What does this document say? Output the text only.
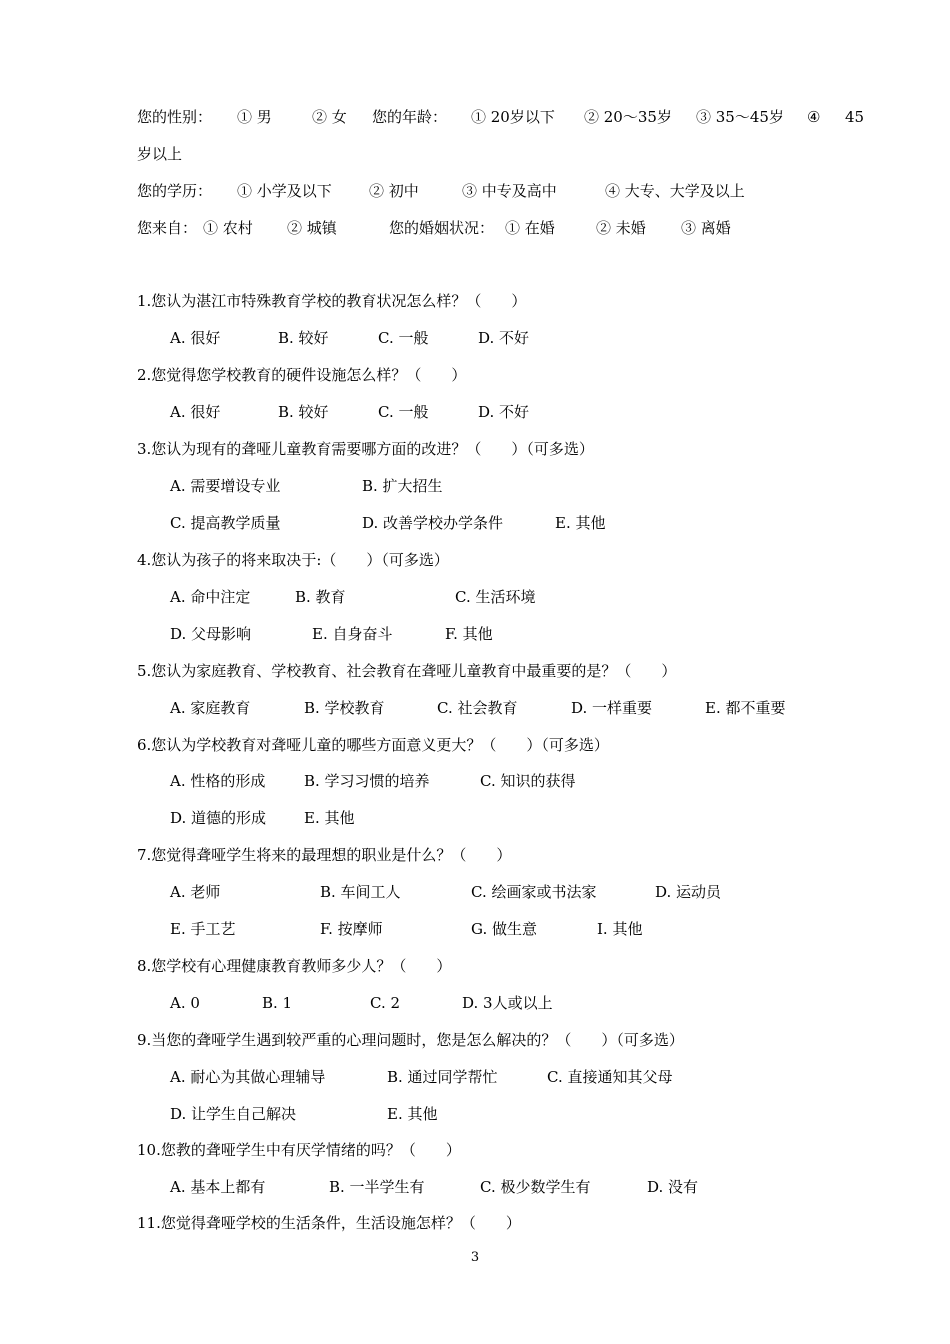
您的性别： ① 男	② 女 您的年龄： ① 20岁以下 ② 20～35岁 ③ 35～45岁 ④ 45
岁以上
您的学历： ① 小学及以下 ② 初中	③ 中专及高中	④ 大专、大学及以上
您来自： ① 农村 ② 城镇	您的婚姻状况： ① 在婚	② 未婚 ③ 离婚
1.您认为湛江市特殊教育学校的教育状况怎么样？（　　）
A. 很好	B. 较好	C. 一般	D. 不好
2.您觉得您学校教育的硬件设施怎么样？（　　）
A. 很好	B. 较好	C. 一般	D. 不好
3.您认为现有的聋哑儿童教育需要哪方面的改进？（　　）（可多选）
A. 需要增设专业	B. 扩大招生
C. 提高教学质量	D. 改善学校办学条件	E. 其他
4.您认为孩子的将来取决于:（　　）（可多选）
A. 命中注定	B. 教育	C. 生活环境
D. 父母影响	E. 自身奋斗	F. 其他
5.您认为家庭教育、学校教育、社会教育在聋哑儿童教育中最重要的是？（　　）
A. 家庭教育	B. 学校教育	C. 社会教育	D. 一样重要	E. 都不重要
6.您认为学校教育对聋哑儿童的哪些方面意义更大？（　　）（可多选）
A. 性格的形成	B. 学习习惯的培养	C. 知识的获得
D. 道德的形成	E. 其他
7.您觉得聋哑学生将来的最理想的职业是什么？（　　）
A. 老师	B. 车间工人	C. 绘画家或书法家	D. 运动员
E. 手工艺	F. 按摩师	G. 做生意	I. 其他
8.您学校有心理健康教育教师多少人？（　　）
A. 0	B. 1	C. 2	D. 3人或以上
9.当您的聋哑学生遇到较严重的心理问题时，您是怎么解决的？（　　）（可多选）
A. 耐心为其做心理辅导	B. 通过同学帮忙	C. 直接通知其父母
D. 让学生自己解决	E. 其他
10.您教的聋哑学生中有厌学情绪的吗？（　　）
A. 基本上都有	B. 一半学生有	C. 极少数学生有	D. 没有
11.您觉得聋哑学校的生活条件，生活设施怎样？（　　）
3
